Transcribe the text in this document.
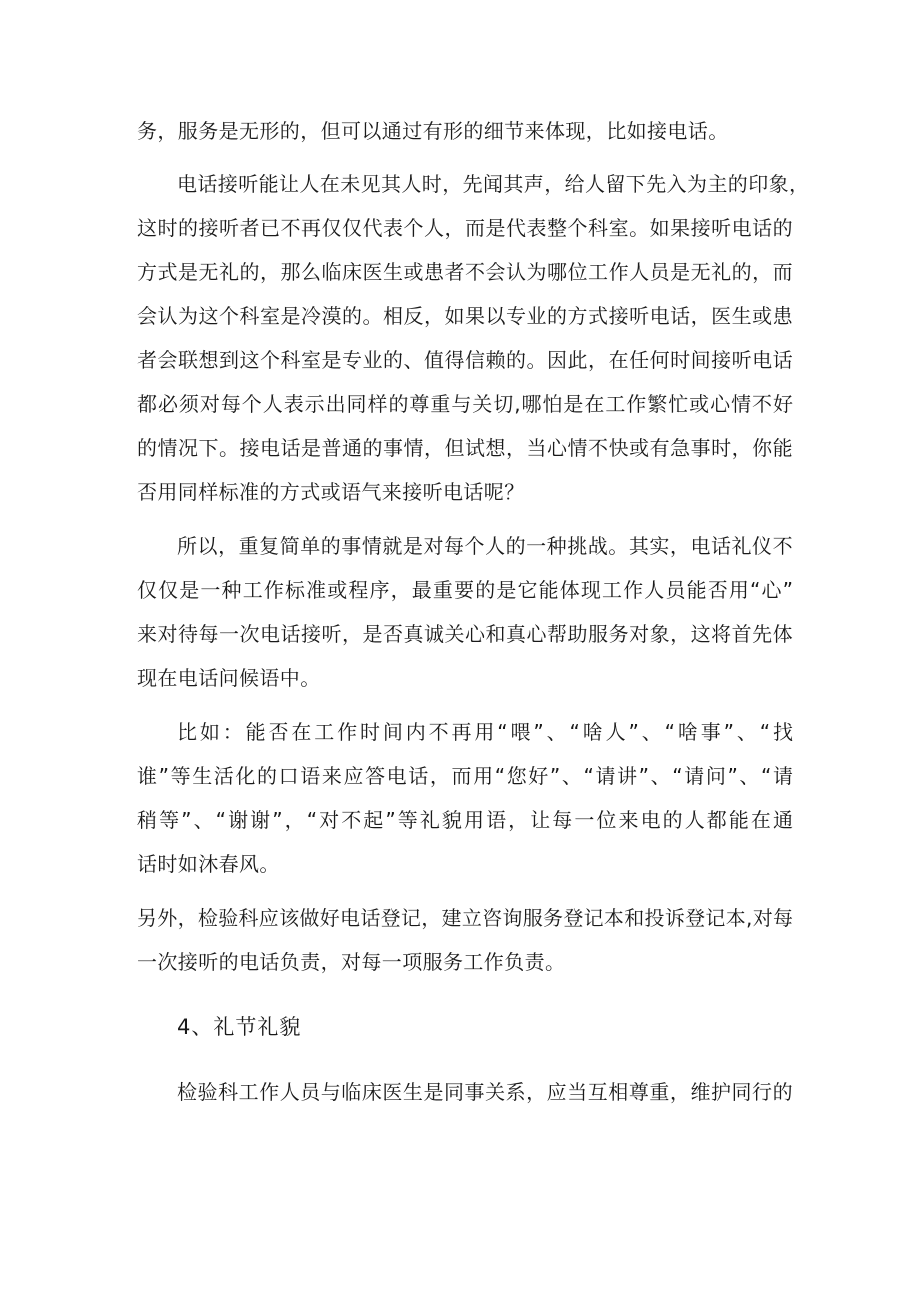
务，服务是无形的，但可以通过有形的细节来体现，比如接电话。
电话接听能让人在未见其人时，先闻其声，给人留下先入为主的印象，
这时的接听者已不再仅仅代表个人，而是代表整个科室。如果接听电话的
方式是无礼的，那么临床医生或患者不会认为哪位工作人员是无礼的，而
会认为这个科室是冷漠的。相反，如果以专业的方式接听电话，医生或患
者会联想到这个科室是专业的、值得信赖的。因此，在任何时间接听电话
都必须对每个人表示出同样的尊重与关切,哪怕是在工作繁忙或心情不好
的情况下。接电话是普通的事情，但试想，当心情不快或有急事时，你能
否用同样标准的方式或语气来接听电话呢？
所以，重复简单的事情就是对每个人的一种挑战。其实，电话礼仪不
仅仅是一种工作标准或程序，最重要的是它能体现工作人员能否用“心”
来对待每一次电话接听，是否真诚关心和真心帮助服务对象，这将首先体
现在电话问候语中。
比如：能否在工作时间内不再用“喂”、“啥人”、“啥事”、“找
谁”等生活化的口语来应答电话，而用“您好”、“请讲”、“请问”、“请
稍等”、“谢谢”，“对不起”等礼貌用语，让每一位来电的人都能在通
话时如沐春风。
另外，检验科应该做好电话登记，建立咨询服务登记本和投诉登记本,对每
一次接听的电话负责，对每一项服务工作负责。
4、礼节礼貌
检验科工作人员与临床医生是同事关系，应当互相尊重，维护同行的
